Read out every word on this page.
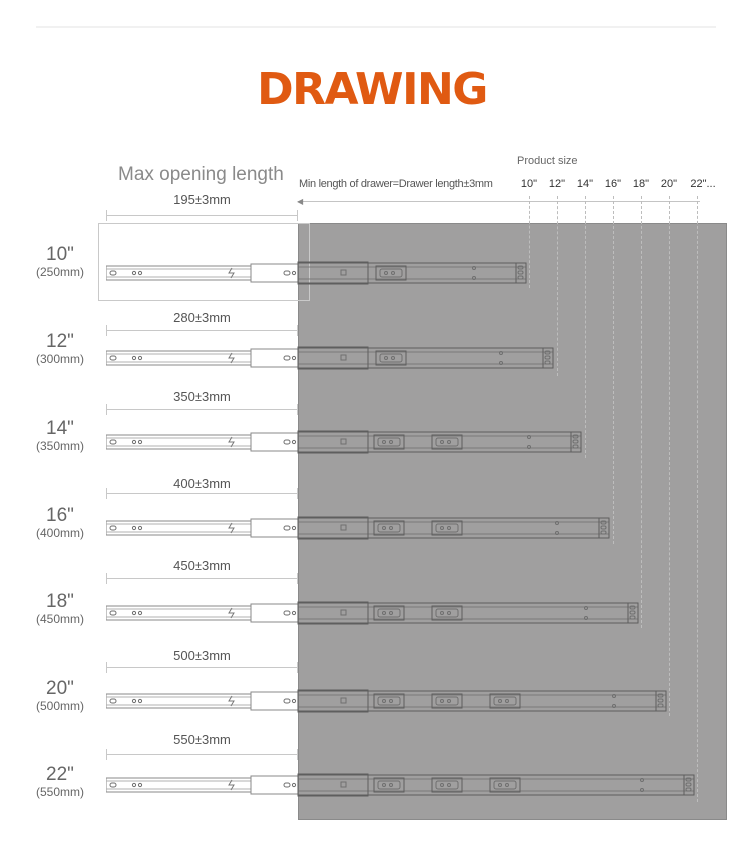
DRAWING
Max opening length Min length of drawer=Drawer length±3mm
Product size
◀
10" 12" 14" 16" 18" 20" 22"...
10"
(250mm)
195±3mm
12"
(300mm)
280±3mm
14"
(350mm)
350±3mm
16"
(400mm)
400±3mm
18"
(450mm)
450±3mm
20"
(500mm)
500±3mm
22"
(550mm)
550±3mm
